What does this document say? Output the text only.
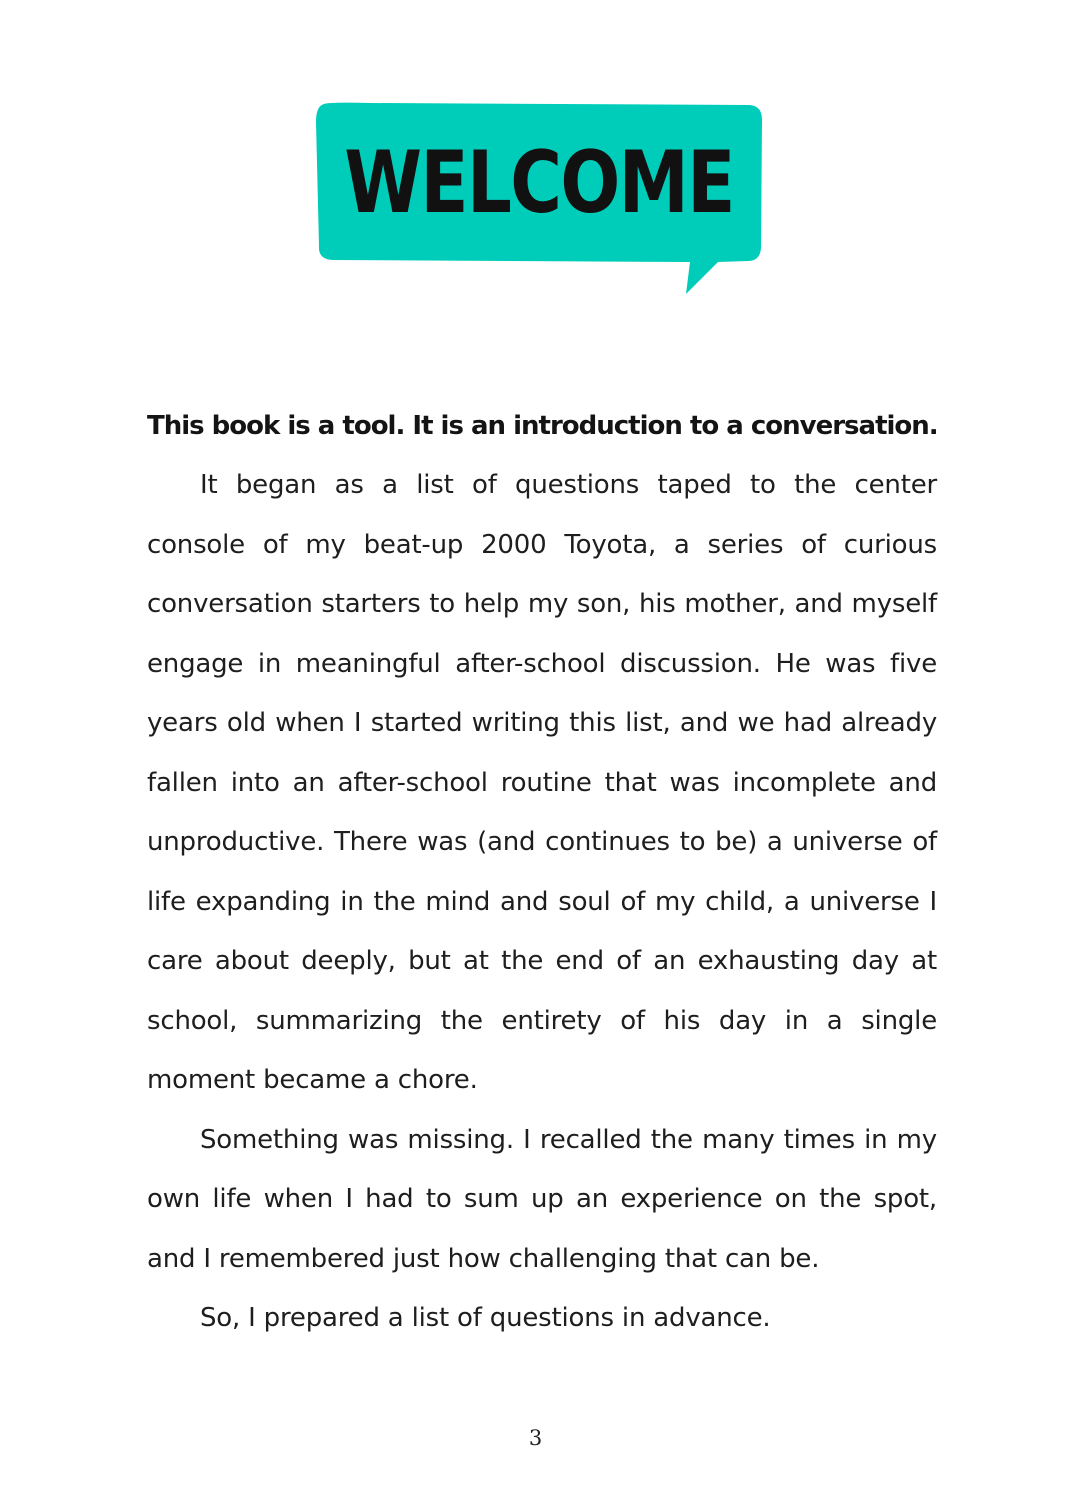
WELCOME

This book is a tool. It is an introduction to a conversation.

It began as a list of questions taped to the center console of my beat-up 2000 Toyota, a series of curious conversation starters to help my son, his mother, and myself engage in meaningful after-school discussion. He was five years old when I started writing this list, and we had already fallen into an after-school routine that was incomplete and unproductive. There was (and continues to be) a universe of life expanding in the mind and soul of my child, a universe I care about deeply, but at the end of an exhausting day at school, summarizing the entirety of his day in a single moment became a chore.

Something was missing. I recalled the many times in my own life when I had to sum up an experience on the spot, and I remembered just how challenging that can be.

So, I prepared a list of questions in advance.

3
